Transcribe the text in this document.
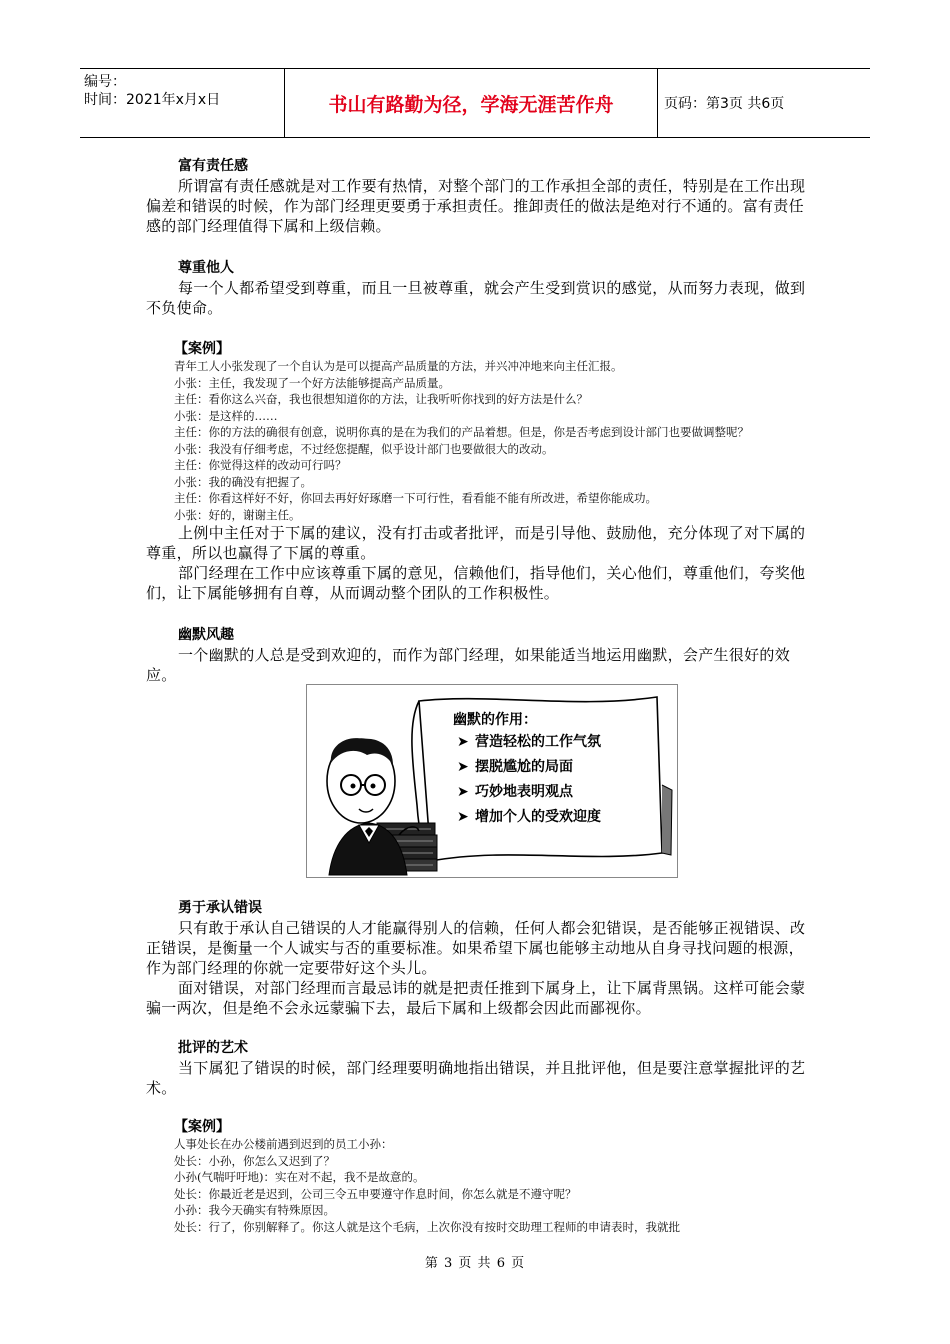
编号：
时间：2021年x月x日	书山有路勤为径，学海无涯苦作舟	页码：第3页 共6页
富有责任感

所谓富有责任感就是对工作要有热情，对整个部门的工作承担全部的责任，特别是在工作出现偏差和错误的时候，作为部门经理更要勇于承担责任。推卸责任的做法是绝对行不通的。富有责任感的部门经理值得下属和上级信赖。

尊重他人

每一个人都希望受到尊重，而且一旦被尊重，就会产生受到赏识的感觉，从而努力表现，做到不负使命。

【案例】

青年工人小张发现了一个自认为是可以提高产品质量的方法，并兴冲冲地来向主任汇报。

小张：主任，我发现了一个好方法能够提高产品质量。

主任：看你这么兴奋，我也很想知道你的方法，让我听听你找到的好方法是什么？

小张：是这样的……

主任：你的方法的确很有创意，说明你真的是在为我们的产品着想。但是，你是否考虑到设计部门也要做调整呢？

小张：我没有仔细考虑，不过经您提醒，似乎设计部门也要做很大的改动。

主任：你觉得这样的改动可行吗？

小张：我的确没有把握了。

主任：你看这样好不好，你回去再好好琢磨一下可行性，看看能不能有所改进，希望你能成功。

小张：好的，谢谢主任。

上例中主任对于下属的建议，没有打击或者批评，而是引导他、鼓励他，充分体现了对下属的尊重，所以也赢得了下属的尊重。

部门经理在工作中应该尊重下属的意见，信赖他们，指导他们，关心他们，尊重他们，夸奖他们，让下属能够拥有自尊，从而调动整个团队的工作积极性。

幽默风趣

一个幽默的人总是受到欢迎的，而作为部门经理，如果能适当地运用幽默，会产生很好的效应。

幽默的作用：
➤ 营造轻松的工作气氛
➤ 摆脱尴尬的局面
➤ 巧妙地表明观点
➤ 增加个人的受欢迎度
勇于承认错误

只有敢于承认自己错误的人才能赢得别人的信赖，任何人都会犯错误，是否能够正视错误、改正错误，是衡量一个人诚实与否的重要标准。如果希望下属也能够主动地从自身寻找问题的根源，作为部门经理的你就一定要带好这个头儿。

面对错误，对部门经理而言最忌讳的就是把责任推到下属身上，让下属背黑锅。这样可能会蒙骗一两次，但是绝不会永远蒙骗下去，最后下属和上级都会因此而鄙视你。

批评的艺术

当下属犯了错误的时候，部门经理要明确地指出错误，并且批评他，但是要注意掌握批评的艺术。

【案例】

人事处长在办公楼前遇到迟到的员工小孙：

处长：小孙，你怎么又迟到了？

小孙(气喘吁吁地)：实在对不起，我不是故意的。

处长：你最近老是迟到，公司三令五申要遵守作息时间，你怎么就是不遵守呢？

小孙：我今天确实有特殊原因。

处长：行了，你别解释了。你这人就是这个毛病，上次你没有按时交助理工程师的申请表时，我就批

第 3 页 共 6 页
